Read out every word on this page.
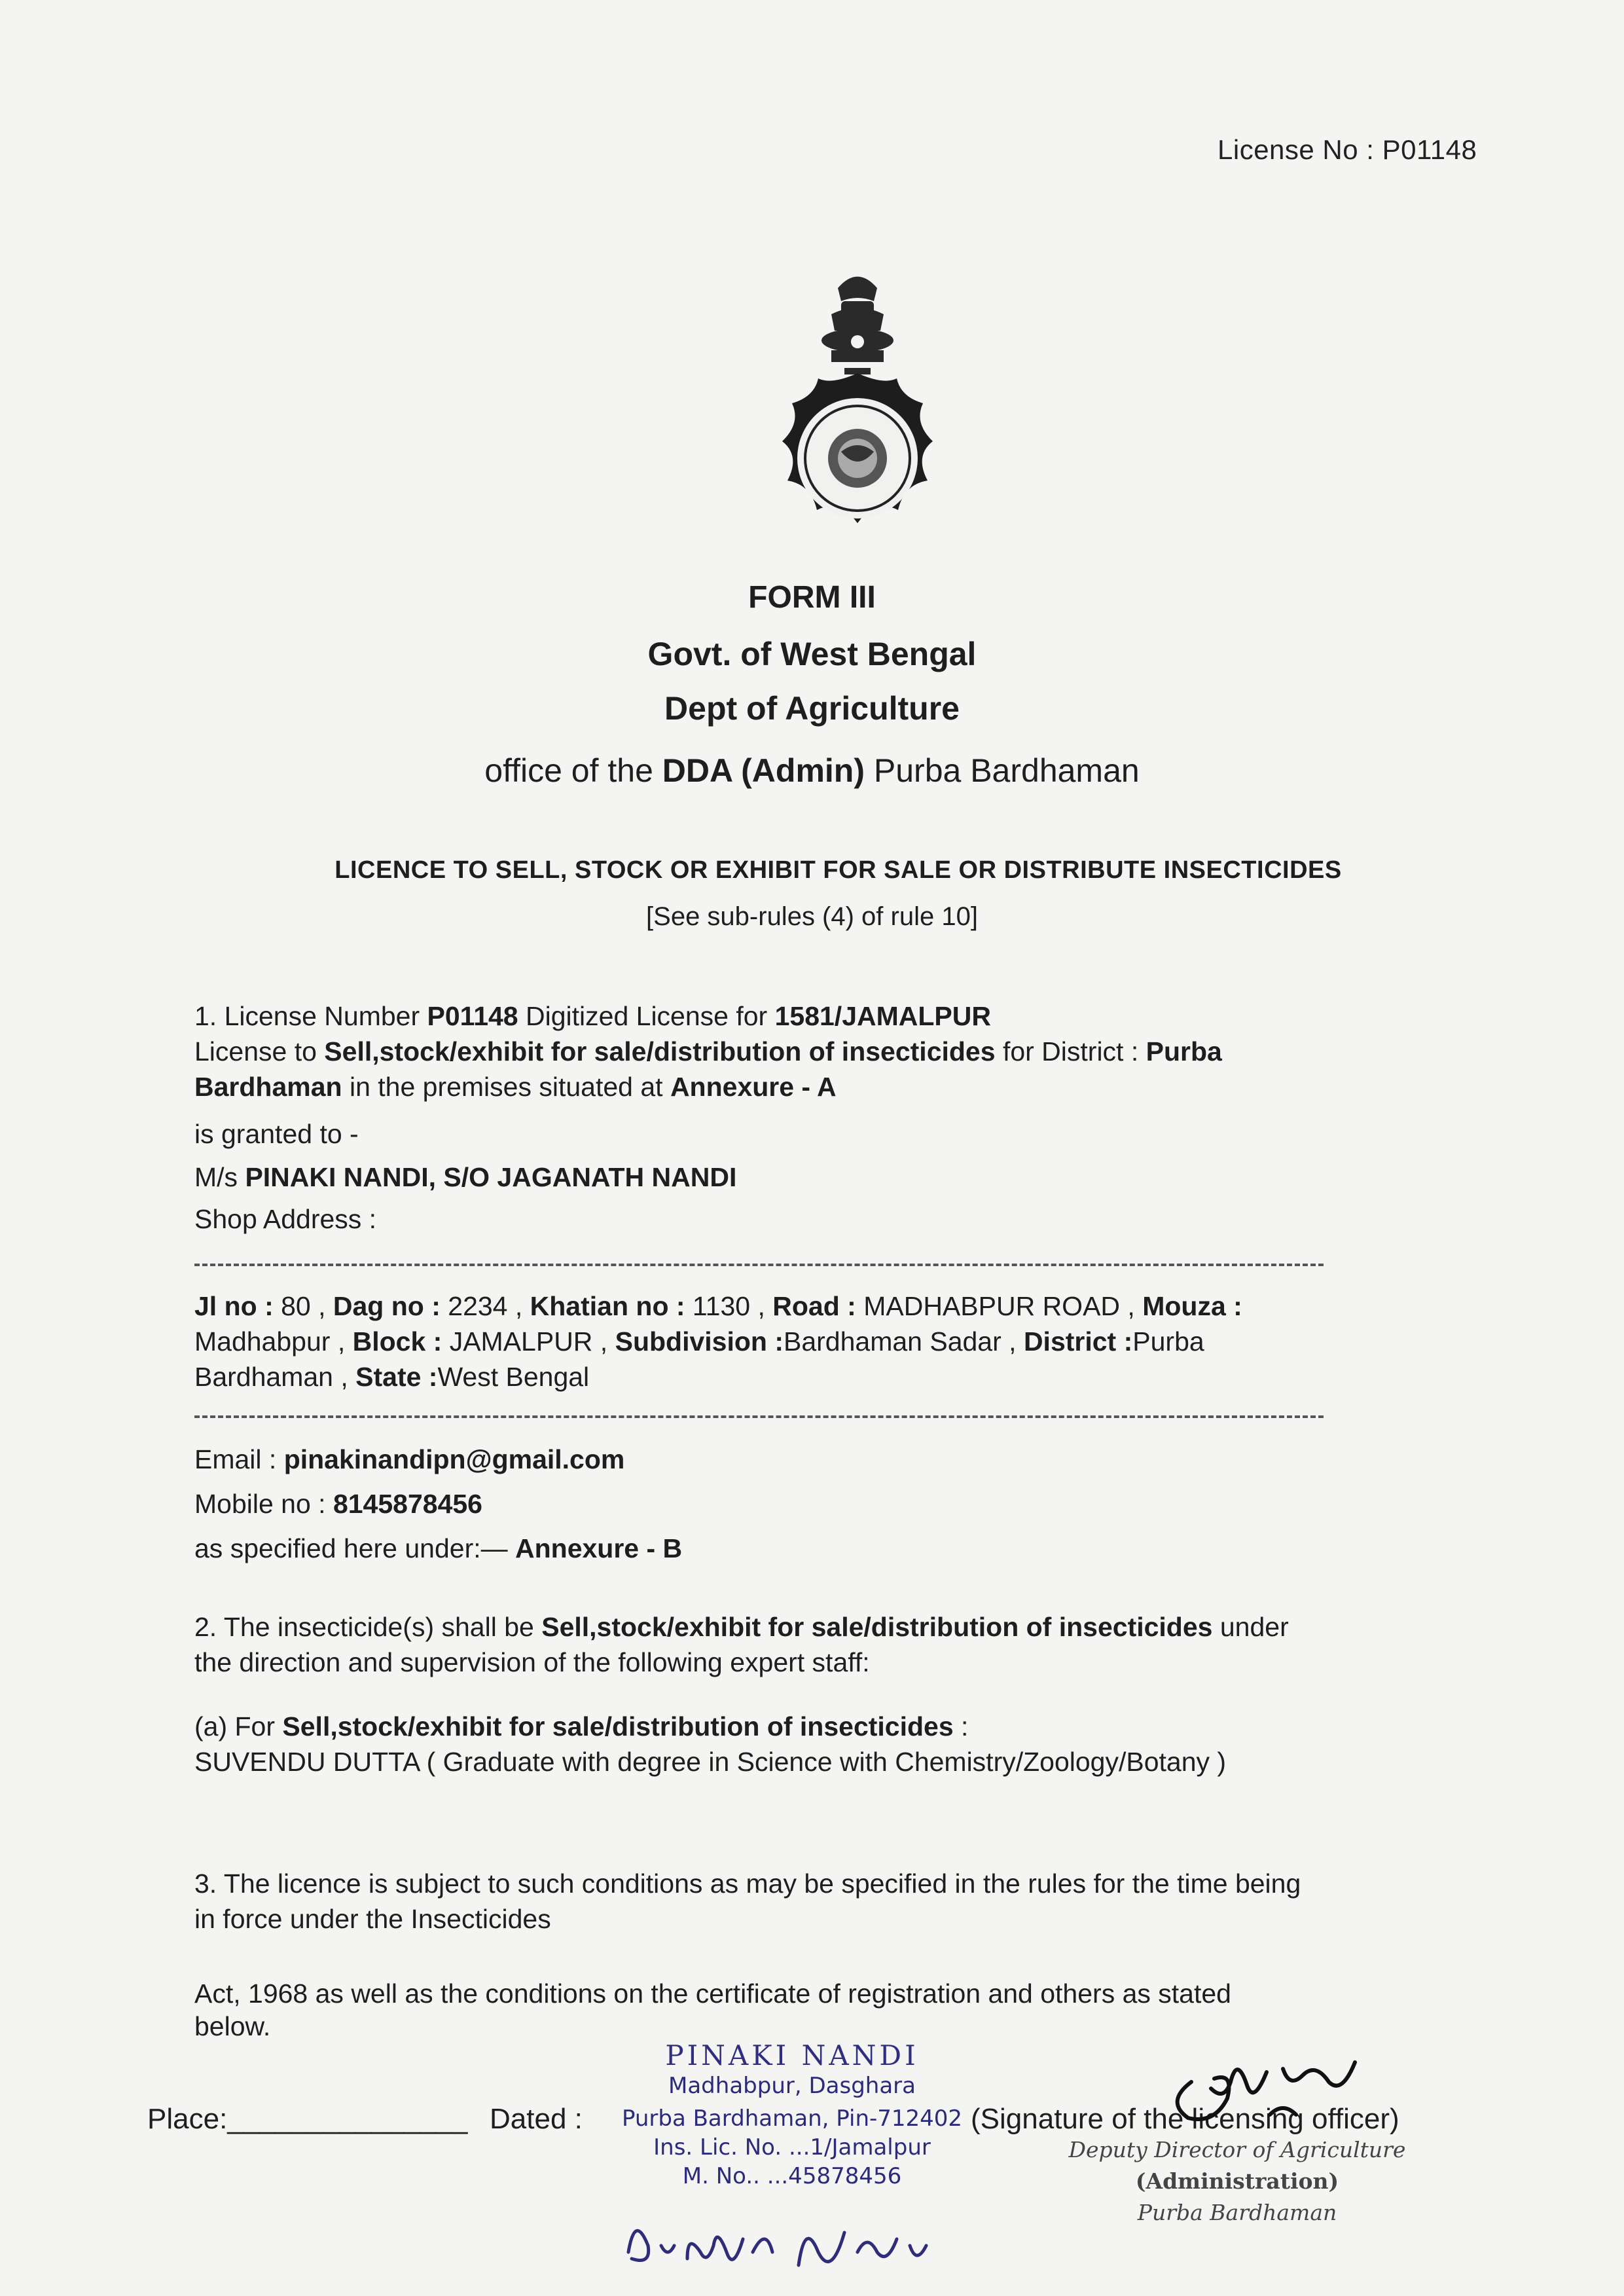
License No : P01148
FORM III
Govt. of West Bengal
Dept of Agriculture
office of the DDA (Admin) Purba Bardhaman
LICENCE TO SELL, STOCK OR EXHIBIT FOR SALE OR DISTRIBUTE INSECTICIDES
[See sub-rules (4) of rule 10]
1. License Number P01148 Digitized License for 1581/JAMALPUR
License to Sell,stock/exhibit for sale/distribution of insecticides for District : Purba
Bardhaman in the premises situated at Annexure - A
is granted to -
M/s PINAKI NANDI, S/O JAGANATH NANDI
Shop Address :
Jl no : 80 , Dag no : 2234 , Khatian no : 1130 , Road : MADHABPUR ROAD , Mouza :
Madhabpur , Block : JAMALPUR , Subdivision :Bardhaman Sadar , District :Purba
Bardhaman , State :West Bengal
Email : pinakinandipn@gmail.com
Mobile no : 8145878456
as specified here under:— Annexure - B
2. The insecticide(s) shall be Sell,stock/exhibit for sale/distribution of insecticides under
the direction and supervision of the following expert staff:
(a) For Sell,stock/exhibit for sale/distribution of insecticides :
SUVENDU DUTTA ( Graduate with degree in Science with Chemistry/Zoology/Botany )
3. The licence is subject to such conditions as may be specified in the rules for the time being
in force under the Insecticides
Act, 1968 as well as the conditions on the certificate of registration and others as stated
below.
Place:_______________ Dated :	(Signature of the licensing officer)
PINAKI NANDI
Madhabpur, Dasghara
Purba Bardhaman, Pin-712402
Ins. Lic. No. ...1/Jamalpur
M. No.. ...45878456
Deputy Director of Agriculture
(Administration)
Purba Bardhaman
